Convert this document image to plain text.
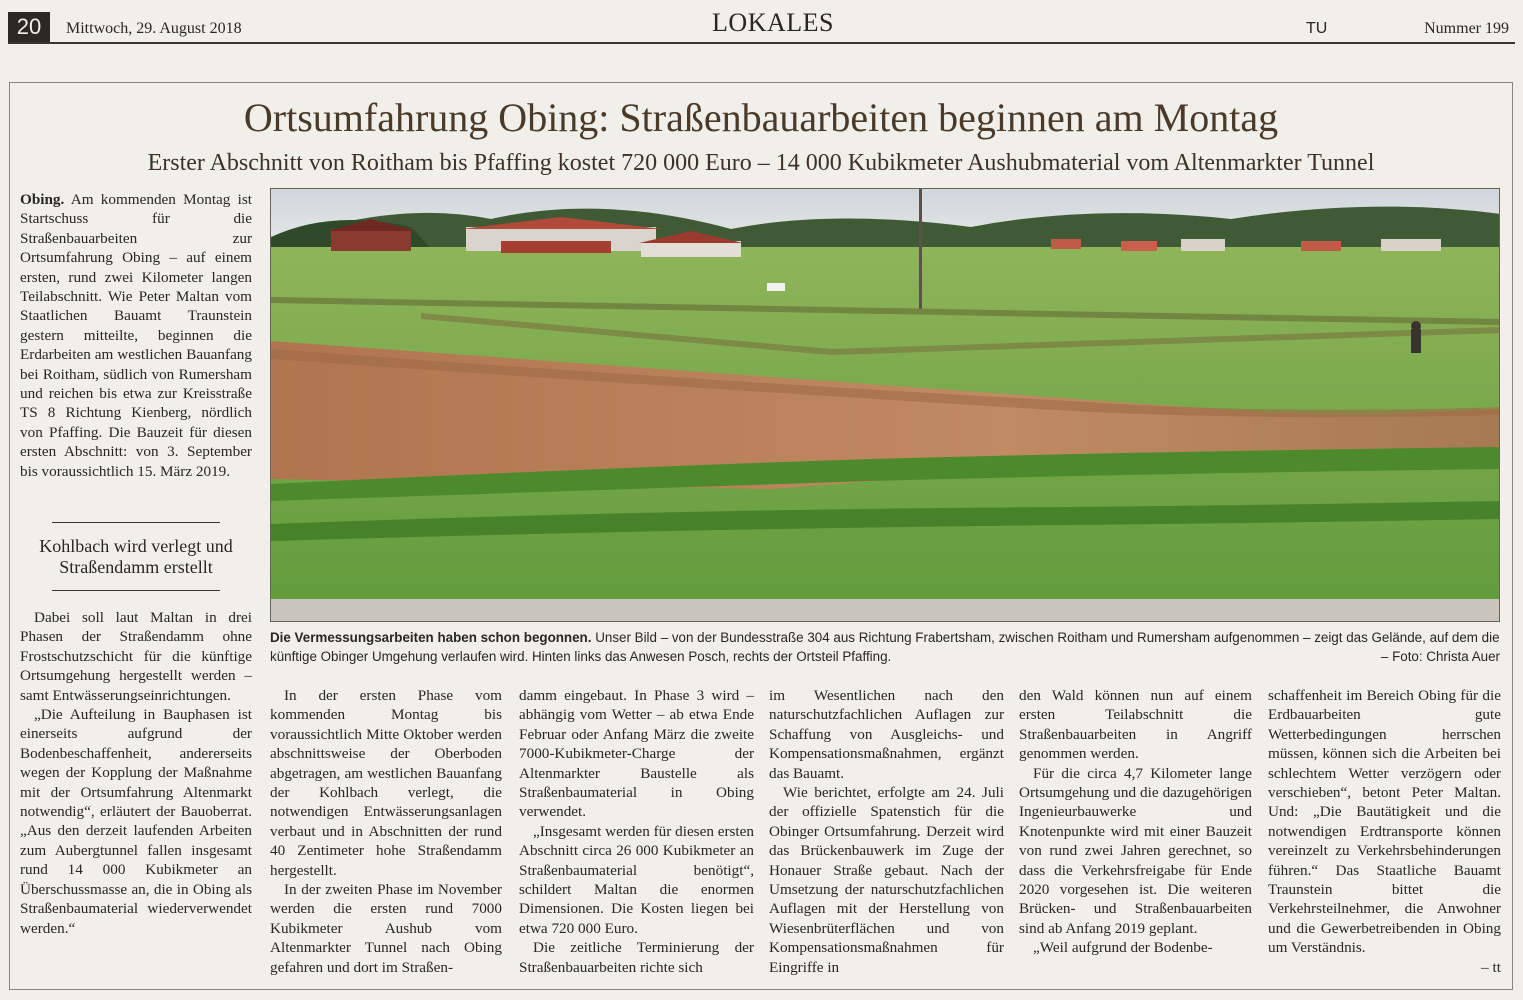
20	Mittwoch, 29. August 2018	LOKALES	TU	Nummer 199
Ortsumfahrung Obing: Straßenbauarbeiten beginnen am Montag
Erster Abschnitt von Roitham bis Pfaffing kostet 720 000 Euro – 14 000 Kubikmeter Aushubmaterial vom Altenmarkter Tunnel

Obing. Am kommenden Montag ist Startschuss für die Straßenbauarbeiten zur Ortsumfahrung Obing – auf einem ersten, rund zwei Kilometer langen Teilabschnitt. Wie Peter Maltan vom Staatlichen Bauamt Traunstein gestern mitteilte, beginnen die Erdarbeiten am westlichen Bauanfang bei Roitham, südlich von Rumersham und reichen bis etwa zur Kreisstraße TS 8 Richtung Kienberg, nördlich von Pfaffing. Die Bauzeit für diesen ersten Abschnitt: von 3. September bis voraussichtlich 15. März 2019.

Kohlbach wird verlegt und Straßendamm erstellt

Dabei soll laut Maltan in drei Phasen der Straßendamm ohne Frostschutzschicht für die künftige Ortsumgehung hergestellt werden – samt Entwässerungseinrichtungen.

„Die Aufteilung in Bauphasen ist einerseits aufgrund der Bodenbeschaffenheit, andererseits wegen der Kopplung der Maßnahme mit der Ortsumfahrung Altenmarkt notwendig“, erläutert der Bauoberrat. „Aus den derzeit laufenden Arbeiten zum Aubergtunnel fallen insgesamt rund 14 000 Kubikmeter an Überschussmasse an, die in Obing als Straßenbaumaterial wiederverwendet werden.“

Die Vermessungsarbeiten haben schon begonnen. Unser Bild – von der Bundesstraße 304 aus Richtung Frabertsham, zwischen Roitham und Rumersham aufgenommen – zeigt das Gelände, auf dem die künftige Obinger Umgehung verlaufen wird. Hinten links das Anwesen Posch, rechts der Ortsteil Pfaffing.	– Foto: Christa Auer

In der ersten Phase vom kommenden Montag bis voraussichtlich Mitte Oktober werden abschnittsweise der Oberboden abgetragen, am westlichen Bauanfang der Kohlbach verlegt, die notwendigen Entwässerungsanlagen verbaut und in Abschnitten der rund 40 Zentimeter hohe Straßendamm hergestellt.

In der zweiten Phase im November werden die ersten rund 7000 Kubikmeter Aushub vom Altenmarkter Tunnel nach Obing gefahren und dort im Straßen-

damm eingebaut. In Phase 3 wird – abhängig vom Wetter – ab etwa Ende Februar oder Anfang März die zweite 7000-Kubikmeter-Charge der Altenmarkter Baustelle als Straßenbaumaterial in Obing verwendet.

„Insgesamt werden für diesen ersten Abschnitt circa 26 000 Kubikmeter an Straßenbaumaterial benötigt“, schildert Maltan die enormen Dimensionen. Die Kosten liegen bei etwa 720 000 Euro.

Die zeitliche Terminierung der Straßenbauarbeiten richte sich

im Wesentlichen nach den naturschutzfachlichen Auflagen zur Schaffung von Ausgleichs- und Kompensationsmaßnahmen, ergänzt das Bauamt.

Wie berichtet, erfolgte am 24. Juli der offizielle Spatenstich für die Obinger Ortsumfahrung. Derzeit wird das Brückenbauwerk im Zuge der Honauer Straße gebaut. Nach der Umsetzung der naturschutzfachlichen Auflagen mit der Herstellung von Wiesenbrüterflächen und von Kompensationsmaßnahmen für Eingriffe in

den Wald können nun auf einem ersten Teilabschnitt die Straßenbauarbeiten in Angriff genommen werden.

Für die circa 4,7 Kilometer lange Ortsumgehung und die dazugehörigen Ingenieurbauwerke und Knotenpunkte wird mit einer Bauzeit von rund zwei Jahren gerechnet, so dass die Verkehrsfreigabe für Ende 2020 vorgesehen ist. Die weiteren Brücken- und Straßenbauarbeiten sind ab Anfang 2019 geplant.

„Weil aufgrund der Bodenbe-

schaffenheit im Bereich Obing für die Erdbauarbeiten gute Wetterbedingungen herrschen müssen, können sich die Arbeiten bei schlechtem Wetter verzögern oder verschieben“, betont Peter Maltan. Und: „Die Bautätigkeit und die notwendigen Erdtransporte können vereinzelt zu Verkehrsbehinderungen führen.“ Das Staatliche Bauamt Traunstein bittet die Verkehrsteilnehmer, die Anwohner und die Gewerbetreibenden in Obing um Verständnis.

– tt
